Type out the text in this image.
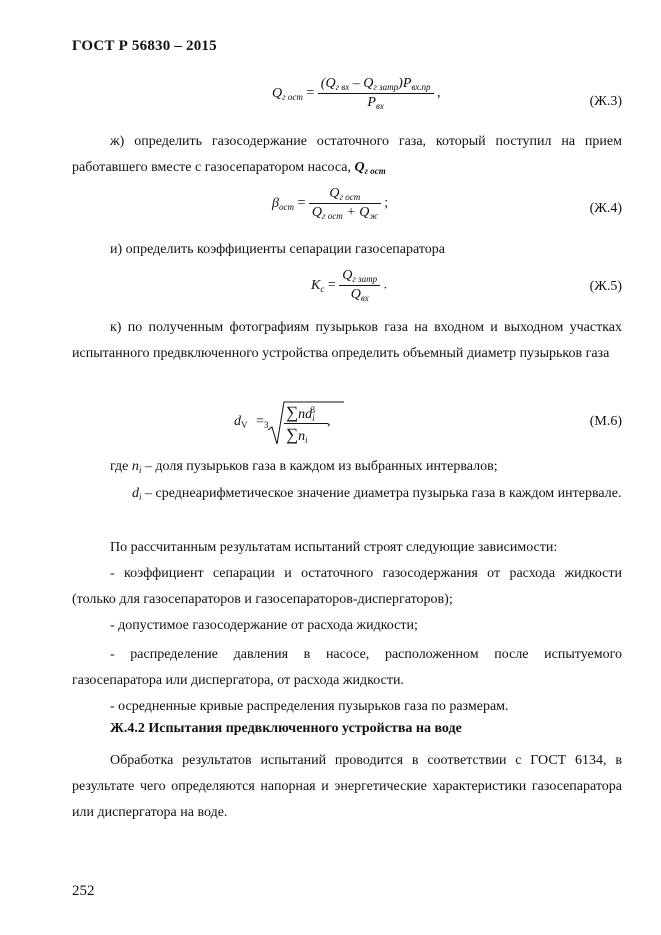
ГОСТ Р 56830 – 2015
$Q_{г ост} = \frac{(Q_{г вх} - Q_{г затр})P_{вх.пр}}{P_{вх}}$ ,
(Ж.3)
ж) определить газосодержание остаточного газа, который поступил на прием работавшего вместе с газосепаратором насоса, $Q_{г ост}$
$\beta_{ост} = \frac{Q_{г ост}}{Q_{г ост} + Q_ж}$ ;	(Ж.4)
и) определить коэффициенты сепарации газосепаратора
$K_с = \frac{Q_{г затр}}{Q_{вх}}$ .	(Ж.5)
к) по полученным фотографиям пузырьков газа на входном и выходном участках испытанного предвключенного устройства определить объемный диаметр пузырьков газа
$d_V = 3$
$\sum nd_i^3$
$\sum n_i$
,	(М.6)
где $n_i$ – доля пузырьков газа в каждом из выбранных интервалов;
$d_i$ – среднеарифметическое значение диаметра пузырька газа в каждом интервале.
По рассчитанным результатам испытаний строят следующие зависимости:
- коэффициент сепарации и остаточного газосодержания от расхода жидкости (только для газосепараторов и газосепараторов-диспергаторов);
- допустимое газосодержание от расхода жидкости;
- распределение давления в насосе, расположенном после испытуемого газосепаратора или диспергатора, от расхода жидкости.
- осредненные кривые распределения пузырьков газа по размерам.
Ж.4.2 Испытания предвключенного устройства на воде
Обработка результатов испытаний проводится в соответствии с ГОСТ 6134, в результате чего определяются напорная и энергетические характеристики газосепаратора или диспергатора на воде.
252
